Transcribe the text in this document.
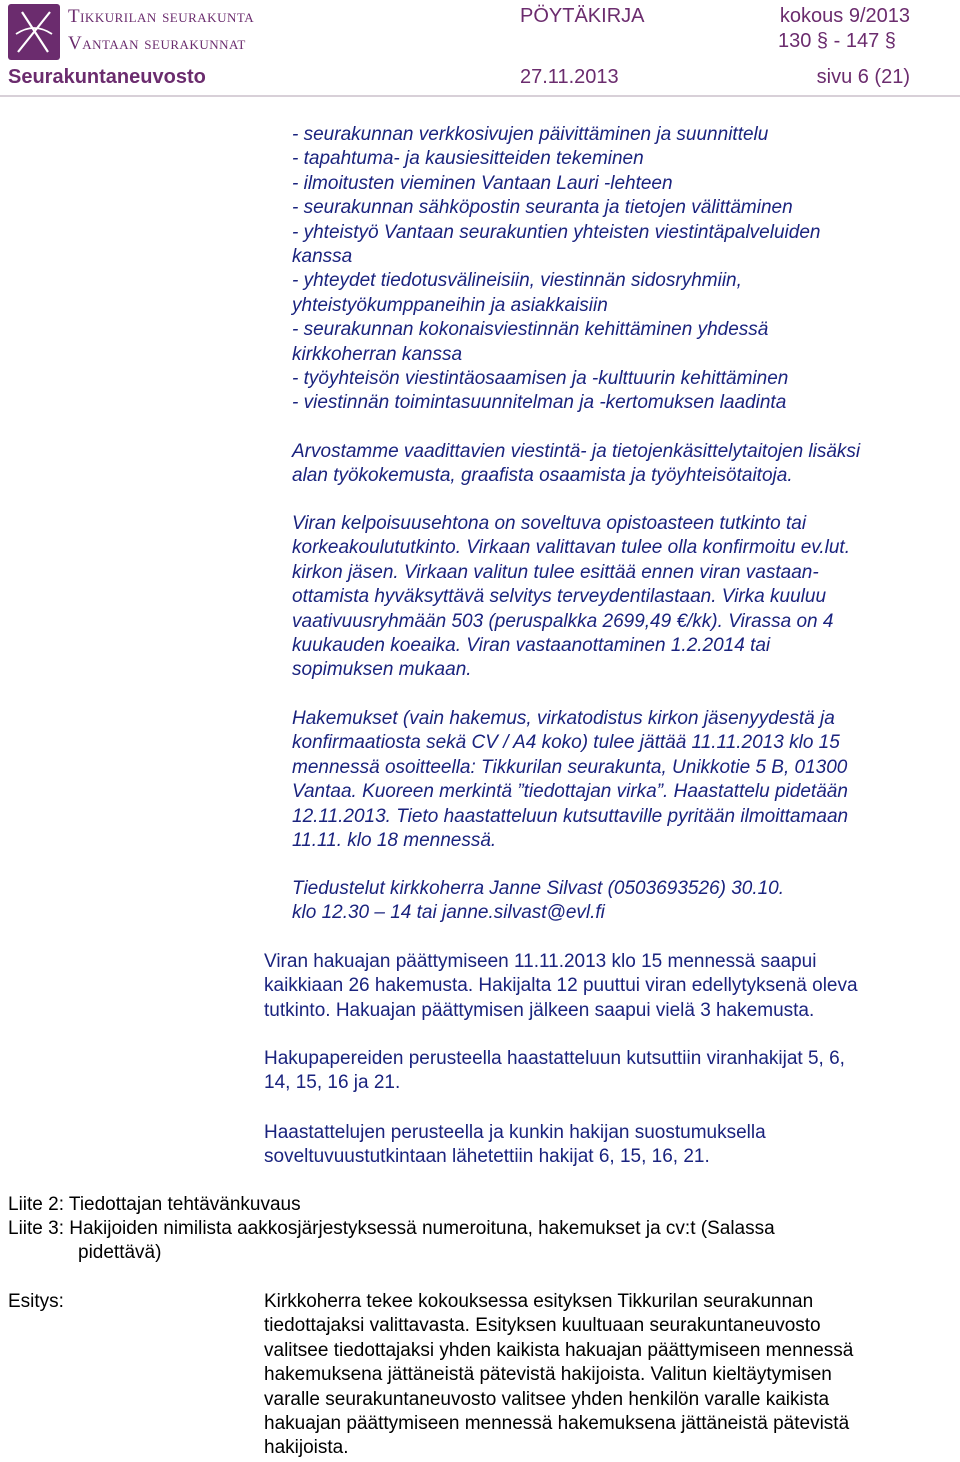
Tikkurilan seurakunta
Vantaan seurakunnat
PÖYTÄKIRJA	kokous 9/2013
130 § - 147 §
Seurakuntaneuvosto	27.11.2013	sivu 6 (21)
- seurakunnan verkkosivujen päivittäminen ja suunnittelu
- tapahtuma- ja kausiesitteiden tekeminen
- ilmoitusten vieminen Vantaan Lauri -lehteen
- seurakunnan sähköpostin seuranta ja tietojen välittäminen
- yhteistyö Vantaan seurakuntien yhteisten viestintäpalveluiden
kanssa
- yhteydet tiedotusvälineisiin, viestinnän sidosryhmiin,
yhteistyökumppaneihin ja asiakkaisiin
- seurakunnan kokonaisviestinnän kehittäminen yhdessä
kirkkoherran kanssa
- työyhteisön viestintäosaamisen ja -kulttuurin kehittäminen
- viestinnän toimintasuunnitelman ja -kertomuksen laadinta
Arvostamme vaadittavien viestintä- ja tietojenkäsittelytaitojen lisäksi
alan työkokemusta, graafista osaamista ja työyhteisötaitoja.
Viran kelpoisuusehtona on soveltuva opistoasteen tutkinto tai
korkeakoulututkinto. Virkaan valittavan tulee olla konfirmoitu ev.lut.
kirkon jäsen. Virkaan valitun tulee esittää ennen viran vastaan-
ottamista hyväksyttävä selvitys terveydentilastaan. Virka kuuluu
vaativuusryhmään 503 (peruspalkka 2699,49 €/kk). Virassa on 4
kuukauden koeaika. Viran vastaanottaminen 1.2.2014 tai
sopimuksen mukaan.
Hakemukset (vain hakemus, virkatodistus kirkon jäsenyydestä ja
konfirmaatiosta sekä CV / A4 koko) tulee jättää 11.11.2013 klo 15
mennessä osoitteella: Tikkurilan seurakunta, Unikkotie 5 B, 01300
Vantaa. Kuoreen merkintä ”tiedottajan virka”. Haastattelu pidetään
12.11.2013. Tieto haastatteluun kutsuttaville pyritään ilmoittamaan
11.11. klo 18 mennessä.
Tiedustelut kirkkoherra Janne Silvast (0503693526) 30.10.
klo 12.30 – 14 tai janne.silvast@evl.fi
Viran hakuajan päättymiseen 11.11.2013 klo 15 mennessä saapui
kaikkiaan 26 hakemusta. Hakijalta 12 puuttui viran edellytyksenä oleva
tutkinto. Hakuajan päättymisen jälkeen saapui vielä 3 hakemusta.
Hakupapereiden perusteella haastatteluun kutsuttiin viranhakijat 5, 6,
14, 15, 16 ja 21.
Haastattelujen perusteella ja kunkin hakijan suostumuksella
soveltuvuustutkintaan lähetettiin hakijat 6, 15, 16, 21.
Liite 2: Tiedottajan tehtävänkuvaus
Liite 3: Hakijoiden nimilista aakkosjärjestyksessä numeroituna, hakemukset ja cv:t (Salassa
pidettävä)
Esitys:	Kirkkoherra tekee kokouksessa esityksen Tikkurilan seurakunnan
tiedottajaksi valittavasta. Esityksen kuultuaan seurakuntaneuvosto
valitsee tiedottajaksi yhden kaikista hakuajan päättymiseen mennessä
hakemuksena jättäneistä pätevistä hakijoista. Valitun kieltäytymisen
varalle seurakuntaneuvosto valitsee yhden henkilön varalle kaikista
hakuajan päättymiseen mennessä hakemuksena jättäneistä pätevistä
hakijoista.
